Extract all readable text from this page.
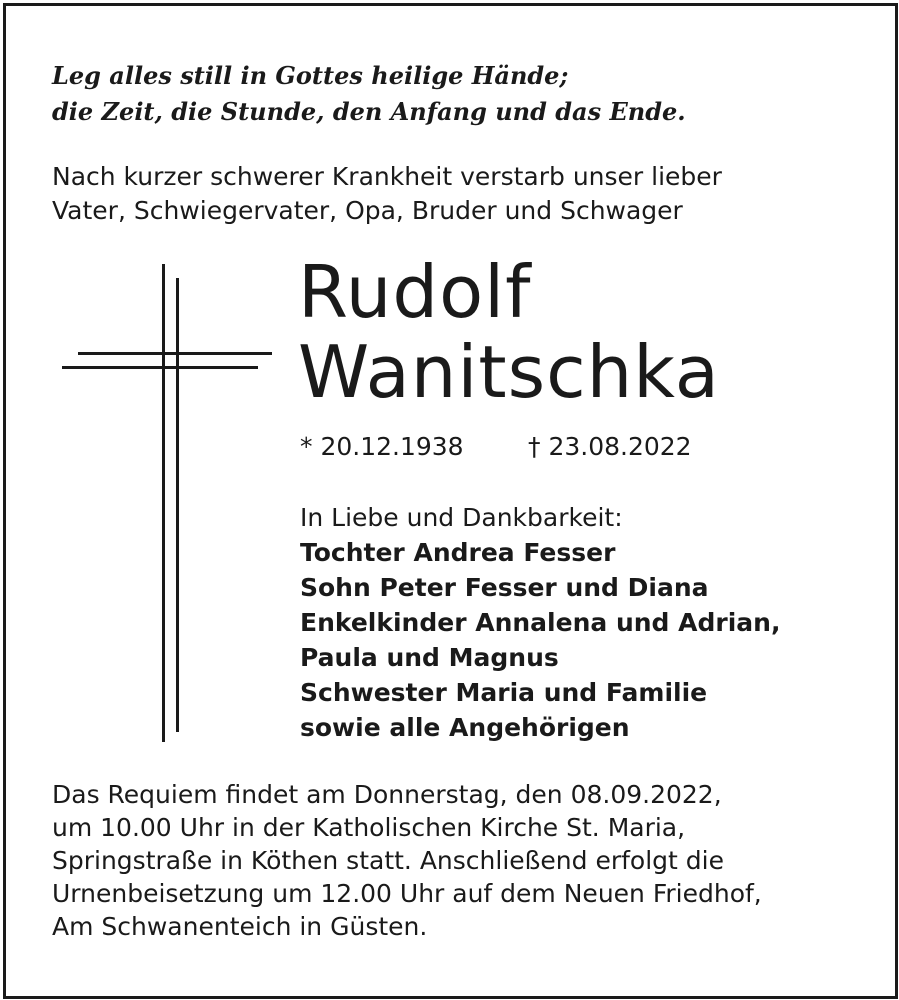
Leg alles still in Gottes heilige Hände;
die Zeit, die Stunde, den Anfang und das Ende.
Nach kurzer schwerer Krankheit verstarb unser lieber
Vater, Schwiegervater, Opa, Bruder und Schwager
Rudolf
Wanitschka
* 20.12.1938	† 23.08.2022
In Liebe und Dankbarkeit:
Tochter Andrea Fesser
Sohn Peter Fesser und Diana
Enkelkinder Annalena und Adrian,
Paula und Magnus
Schwester Maria und Familie
sowie alle Angehörigen
Das Requiem findet am Donnerstag, den 08.09.2022,
um 10.00 Uhr in der Katholischen Kirche St. Maria,
Springstraße in Köthen statt. Anschließend erfolgt die
Urnenbeisetzung um 12.00 Uhr auf dem Neuen Friedhof,
Am Schwanenteich in Güsten.
